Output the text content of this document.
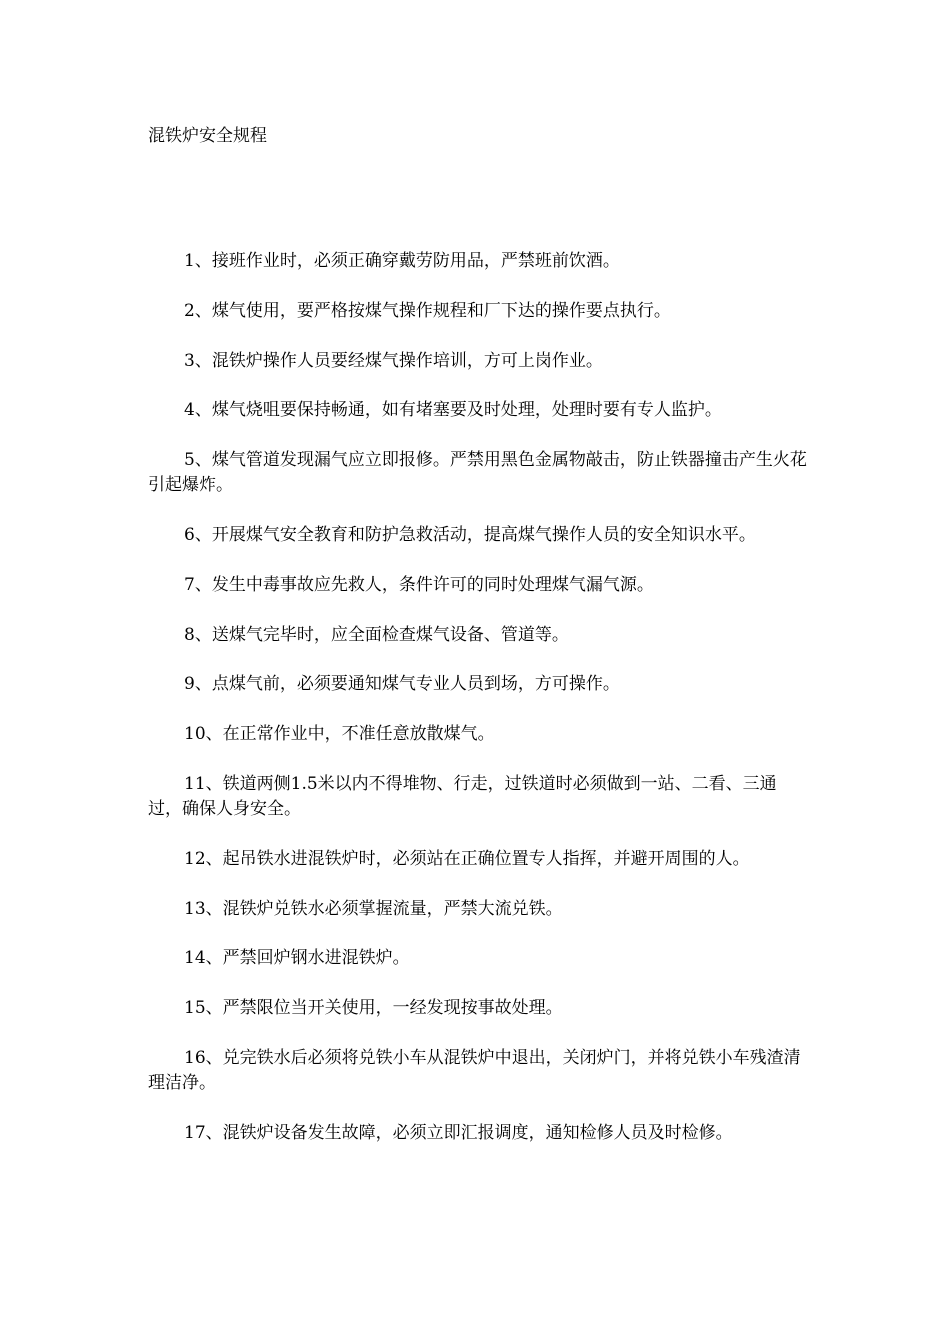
混铁炉安全规程
1、接班作业时，必须正确穿戴劳防用品，严禁班前饮酒。
2、煤气使用，要严格按煤气操作规程和厂下达的操作要点执行。
3、混铁炉操作人员要经煤气操作培训，方可上岗作业。
4、煤气烧咀要保持畅通，如有堵塞要及时处理，处理时要有专人监护。
5、煤气管道发现漏气应立即报修。严禁用黑色金属物敲击，防止铁器撞击产生火花引起爆炸。
6、开展煤气安全教育和防护急救活动，提高煤气操作人员的安全知识水平。
7、发生中毒事故应先救人，条件许可的同时处理煤气漏气源。
8、送煤气完毕时，应全面检查煤气设备、管道等。
9、点煤气前，必须要通知煤气专业人员到场，方可操作。
10、在正常作业中，不准任意放散煤气。
11、铁道两侧1.5米以内不得堆物、行走，过铁道时必须做到一站、二看、三通过，确保人身安全。
12、起吊铁水进混铁炉时，必须站在正确位置专人指挥，并避开周围的人。
13、混铁炉兑铁水必须掌握流量，严禁大流兑铁。
14、严禁回炉钢水进混铁炉。
15、严禁限位当开关使用，一经发现按事故处理。
16、兑完铁水后必须将兑铁小车从混铁炉中退出，关闭炉门，并将兑铁小车残渣清理洁净。
17、混铁炉设备发生故障，必须立即汇报调度，通知检修人员及时检修。
